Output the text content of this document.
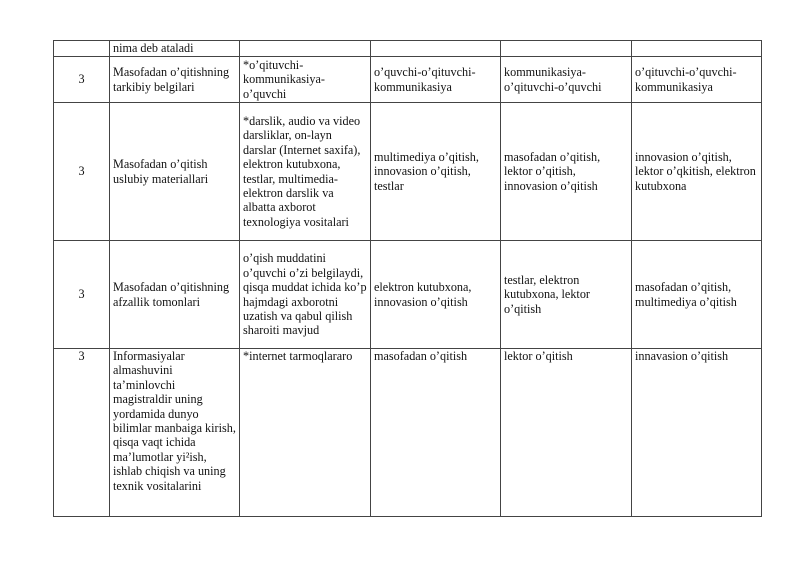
	nima deb ataladi				
3	Masofadan o’qitishning tarkibiy belgilari	*o’qituvchi-kommunikasiya-o’quvchi	o’quvchi-o’qituvchi-kommunikasiya	kommunikasiya-o’qituvchi-o’quvchi	o’qituvchi-o’quvchi-kommunikasiya
3	Masofadan o’qitish uslubiy materiallari	*darslik, audio va video darsliklar, on-layn darslar (Internet saxifa), elektron kutubxona, testlar, multimedia- elektron darslik va albatta axborot texnologiya vositalari	multimediya o’qitish, innovasion o’qitish, testlar	masofadan o’qitish, lektor o’qitish, innovasion o’qitish	innovasion o’qitish, lektor o’qkitish, elektron kutubxona
3	Masofadan o’qitishning afzallik tomonlari	o’qish muddatini o’quvchi o’zi belgilaydi, qisqa muddat ichida ko’p hajmdagi axborotni uzatish va qabul qilish sharoiti mavjud	elektron kutubxona, innovasion o’qitish	testlar, elektron kutubxona, lektor o’qitish	masofadan o’qitish, multimediya o’qitish
3	Informasiyalar almashuvini ta’minlovchi magistraldir uning yordamida dunyo bilimlar manbaiga kirish, qisqa vaqt ichida ma’lumotlar yi²ish, ishlab chiqish va uning texnik vositalarini	*internet tarmoqlararo	masofadan o’qitish	lektor o’qitish	innavasion o’qitish
